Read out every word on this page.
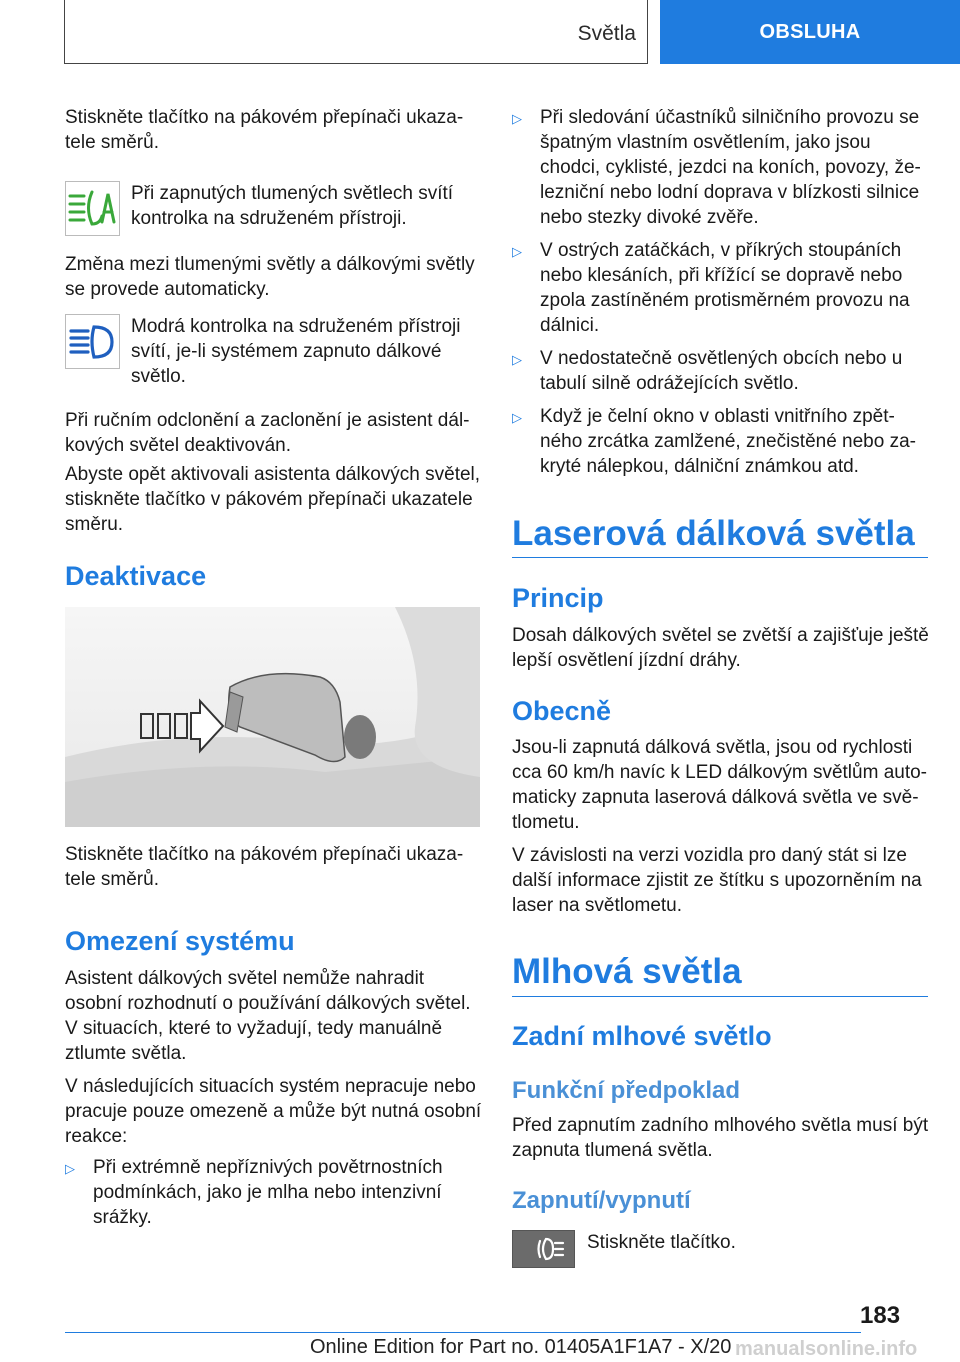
Světla	OBSLUHA
Stiskněte tlačítko na pákovém přepínači ukaza-
tele směrů.
Při zapnutých tlumených světlech svítí
kontrolka na sdruženém přístroji.
Změna mezi tlumenými světly a dálkovými světly
se provede automaticky.
Modrá kontrolka na sdruženém přístroji
svítí, je-li systémem zapnuto dálkové
světlo.
Při ručním odclonění a zaclonění je asistent dál-
kových světel deaktivován.
Abyste opět aktivovali asistenta dálkových světel,
stiskněte tlačítko v pákovém přepínači ukazatele
směru.
Deaktivace
Stiskněte tlačítko na pákovém přepínači ukaza-
tele směrů.
Omezení systému
Asistent dálkových světel nemůže nahradit
osobní rozhodnutí o používání dálkových světel.
V situacích, které to vyžadují, tedy manuálně
ztlumte světla.
V následujících situacích systém nepracuje nebo
pracuje pouze omezeně a může být nutná osobní
reakce:
▷ Při extrémně nepříznivých povětrnostních
podmínkách, jako je mlha nebo intenzivní
srážky.
▷ Při sledování účastníků silničního provozu se
špatným vlastním osvětlením, jako jsou
chodci, cyklisté, jezdci na koních, povozy, že-
lezniční nebo lodní doprava v blízkosti silnice
nebo stezky divoké zvěře.
▷ V ostrých zatáčkách, v příkrých stoupáních
nebo klesáních, při křížící se dopravě nebo
zpola zastíněném protisměrném provozu na
dálnici.
▷ V nedostatečně osvětlených obcích nebo u
tabulí silně odrážejících světlo.
▷ Když je čelní okno v oblasti vnitřního zpět-
ného zrcátka zamlžené, znečistěné nebo za-
kryté nálepkou, dálniční známkou atd.
Laserová dálková světla
Princip
Dosah dálkových světel se zvětší a zajišťuje ještě
lepší osvětlení jízdní dráhy.
Obecně
Jsou-li zapnutá dálková světla, jsou od rychlosti
cca 60 km/h navíc k LED dálkovým světlům auto-
maticky zapnuta laserová dálková světla ve svě-
tlometu.
V závislosti na verzi vozidla pro daný stát si lze
další informace zjistit ze štítku s upozorněním na
laser na světlometu.
Mlhová světla
Zadní mlhové světlo
Funkční předpoklad
Před zapnutím zadního mlhového světla musí být
zapnuta tlumená světla.
Zapnutí/vypnutí
Stiskněte tlačítko.
183
Online Edition for Part no. 01405A1F1A7 - X/20 manualsonline.info
